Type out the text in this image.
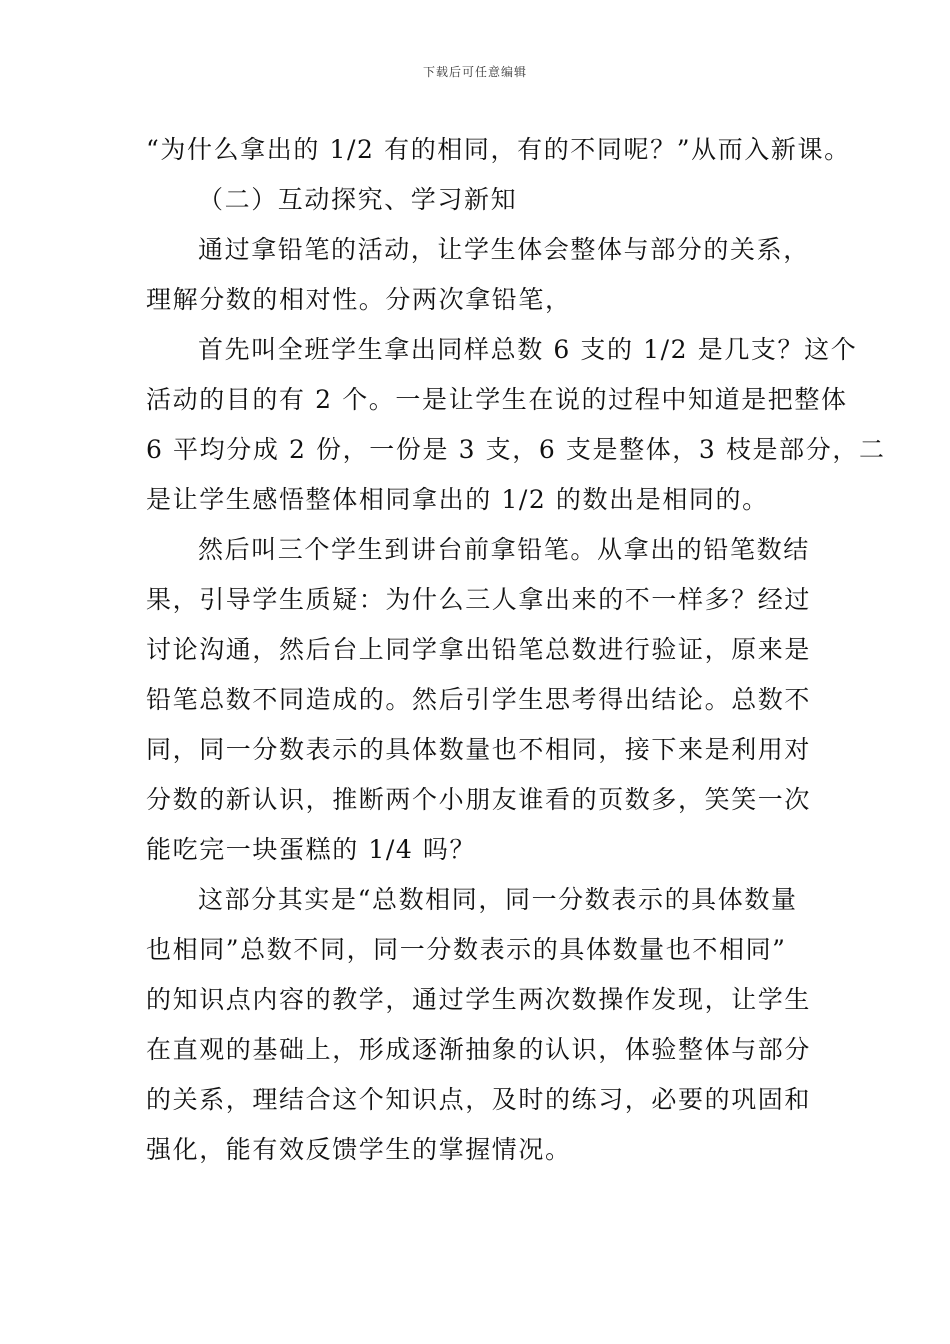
下载后可任意编辑
“为什么拿出的 1/2 有的相同，有的不同呢？”从而入新课。
（二）互动探究、学习新知
通过拿铅笔的活动，让学生体会整体与部分的关系，
理解分数的相对性。分两次拿铅笔，
首先叫全班学生拿出同样总数 6 支的 1/2 是几支？这个
活动的目的有 2 个。一是让学生在说的过程中知道是把整体
6 平均分成 2 份，一份是 3 支，6 支是整体，3 枝是部分，二
是让学生感悟整体相同拿出的 1/2 的数出是相同的。
然后叫三个学生到讲台前拿铅笔。从拿出的铅笔数结
果，引导学生质疑：为什么三人拿出来的不一样多？经过
讨论沟通，然后台上同学拿出铅笔总数进行验证，原来是
铅笔总数不同造成的。然后引学生思考得出结论。总数不
同，同一分数表示的具体数量也不相同，接下来是利用对
分数的新认识，推断两个小朋友谁看的页数多，笑笑一次
能吃完一块蛋糕的 1/4 吗？
这部分其实是“总数相同，同一分数表示的具体数量
也相同”总数不同，同一分数表示的具体数量也不相同”
的知识点内容的教学，通过学生两次数操作发现，让学生
在直观的基础上，形成逐渐抽象的认识，体验整体与部分
的关系，理结合这个知识点，及时的练习，必要的巩固和
强化，能有效反馈学生的掌握情况。
